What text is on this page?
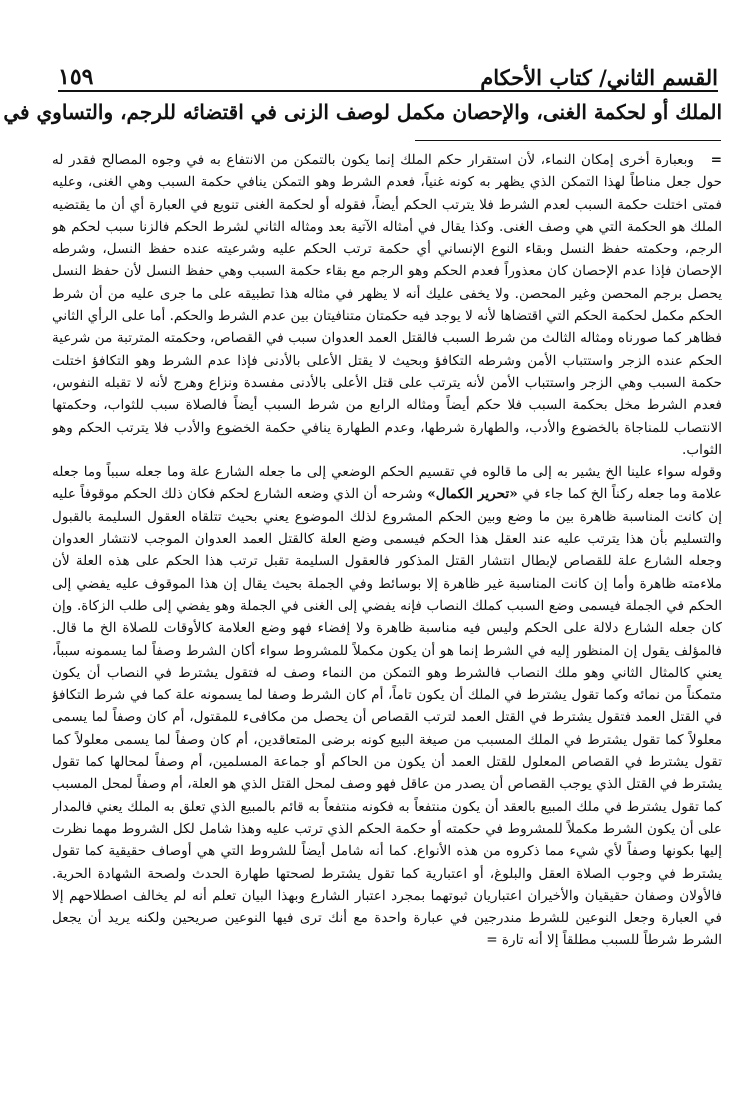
القسم الثاني/ كتاب الأحكام
١٥٩
الملك أو لحكمة الغنى، والإحصان مكمل لوصف الزنى في اقتضائه للرجم، والتساوي في

=   وبعبارة أخرى إمكان النماء، لأن استقرار حكم الملك إنما يكون بالتمكن من الانتفاع به في وجوه المصالح فقدر له حول جعل مناطاً لهذا التمكن الذي يظهر به كونه غنياً، فعدم الشرط وهو التمكن ينافي حكمة السبب وهي الغنى، وعليه فمتى اختلت حكمة السبب لعدم الشرط فلا يترتب الحكم أيضاً، فقوله أو لحكمة الغنى تنويع في العبارة أي أن ما يقتضيه الملك هو الحكمة التي هي وصف الغنى. وكذا يقال في أمثاله الآتية بعد ومثاله الثاني لشرط الحكم فالزنا سبب لحكم هو الرجم، وحكمته حفظ النسل وبقاء النوع الإنساني أي حكمة ترتب الحكم عليه وشرعيته عنده حفظ النسل، وشرطه الإحصان فإذا عدم الإحصان كان معذوراً فعدم الحكم وهو الرجم مع بقاء حكمة السبب وهي حفظ النسل لأن حفظ النسل يحصل برجم المحصن وغير المحصن. ولا يخفى عليك أنه لا يظهر في مثاله هذا تطبيقه على ما جرى عليه من أن شرط الحكم مكمل لحكمة الحكم التي اقتضاها لأنه لا يوجد فيه حكمتان متنافيتان بين عدم الشرط والحكم. أما على الرأي الثاني فظاهر كما صورناه ومثاله الثالث من شرط السبب فالقتل العمد العدوان سبب في القصاص، وحكمته المترتبة من شرعية الحكم عنده الزجر واستتباب الأمن وشرطه التكافؤ وبحيث لا يقتل الأعلى بالأدنى فإذا عدم الشرط وهو التكافؤ اختلت حكمة السبب وهي الزجر واستتباب الأمن لأنه يترتب على قتل الأعلى بالأدنى مفسدة ونزاع وهرج لأنه لا تقبله النفوس، فعدم الشرط مخل بحكمة السبب فلا حكم أيضاً ومثاله الرابع من شرط السبب أيضاً فالصلاة سبب للثواب، وحكمتها الانتصاب للمناجاة بالخضوع والأدب، والطهارة شرطها، وعدم الطهارة ينافي حكمة الخضوع والأدب فلا يترتب الحكم وهو الثواب.

وقوله سواء علينا الخ يشير به إلى ما قالوه في تقسيم الحكم الوضعي إلى ما جعله الشارع علة وما جعله سبباً وما جعله علامة وما جعله ركناً الخ كما جاء في «تحرير الكمال» وشرحه أن الذي وضعه الشارع لحكم فكان ذلك الحكم موقوفاً عليه إن كانت المناسبة ظاهرة بين ما وضع وبين الحكم المشروع لذلك الموضوع يعني بحيث تتلقاه العقول السليمة بالقبول والتسليم بأن هذا يترتب عليه عند العقل هذا الحكم فيسمى وضع العلة كالقتل العمد العدوان الموجب لانتشار العدوان وجعله الشارع علة للقصاص لإبطال انتشار القتل المذكور فالعقول السليمة تقبل ترتب هذا الحكم على هذه العلة لأن ملاءمته ظاهرة وأما إن كانت المناسبة غير ظاهرة إلا بوسائط وفي الجملة بحيث يقال إن هذا الموقوف عليه يفضي إلى الحكم في الجملة فيسمى وضع السبب كملك النصاب فإنه يفضي إلى الغنى في الجملة وهو يفضي إلى طلب الزكاة. وإن كان جعله الشارع دلالة على الحكم وليس فيه مناسبة ظاهرة ولا إفضاء فهو وضع العلامة كالأوقات للصلاة الخ ما قال. فالمؤلف يقول إن المنظور إليه في الشرط إنما هو أن يكون مكملاً للمشروط سواء أكان الشرط وصفاً لما يسمونه سبباً، يعني كالمثال الثاني وهو ملك النصاب فالشرط وهو التمكن من النماء وصف له فتقول يشترط في النصاب أن يكون متمكناً من نمائه وكما تقول يشترط في الملك أن يكون تاماً، أم كان الشرط وصفا لما يسمونه علة كما في شرط التكافؤ في القتل العمد فتقول يشترط في القتل العمد لترتب القصاص أن يحصل من مكافىء للمقتول، أم كان وصفاً لما يسمى معلولاً كما تقول يشترط في الملك المسبب من صيغة البيع كونه برضى المتعاقدين، أم كان وصفاً لما يسمى معلولاً كما تقول يشترط في القصاص المعلول للقتل العمد أن يكون من الحاكم أو جماعة المسلمين، أم وصفاً لمحالها كما تقول يشترط في القتل الذي يوجب القصاص أن يصدر من عاقل فهو وصف لمحل القتل الذي هو العلة، أم وصفاً لمحل المسبب كما تقول يشترط في ملك المبيع بالعقد أن يكون منتفعاً به فكونه منتفعاً به قائم بالمبيع الذي تعلق به الملك يعني فالمدار على أن يكون الشرط مكملاً للمشروط في حكمته أو حكمة الحكم الذي ترتب عليه وهذا شامل لكل الشروط مهما نظرت إليها بكونها وصفاً لأي شيء مما ذكروه من هذه الأنواع. كما أنه شامل أيضاً للشروط التي هي أوصاف حقيقية كما تقول يشترط في وجوب الصلاة العقل والبلوغ، أو اعتبارية كما تقول يشترط لصحتها طهارة الحدث ولصحة الشهادة الحرية. فالأولان وصفان حقيقيان والأخيران اعتباريان ثبوتهما بمجرد اعتبار الشارع وبهذا البيان تعلم أنه لم يخالف اصطلاحهم إلا في العبارة وجعل النوعين للشرط مندرجين في عبارة واحدة مع أنك ترى فيها النوعين صريحين ولكنه يريد أن يجعل الشرط شرطاً للسبب مطلقاً إلا أنه تارة =
